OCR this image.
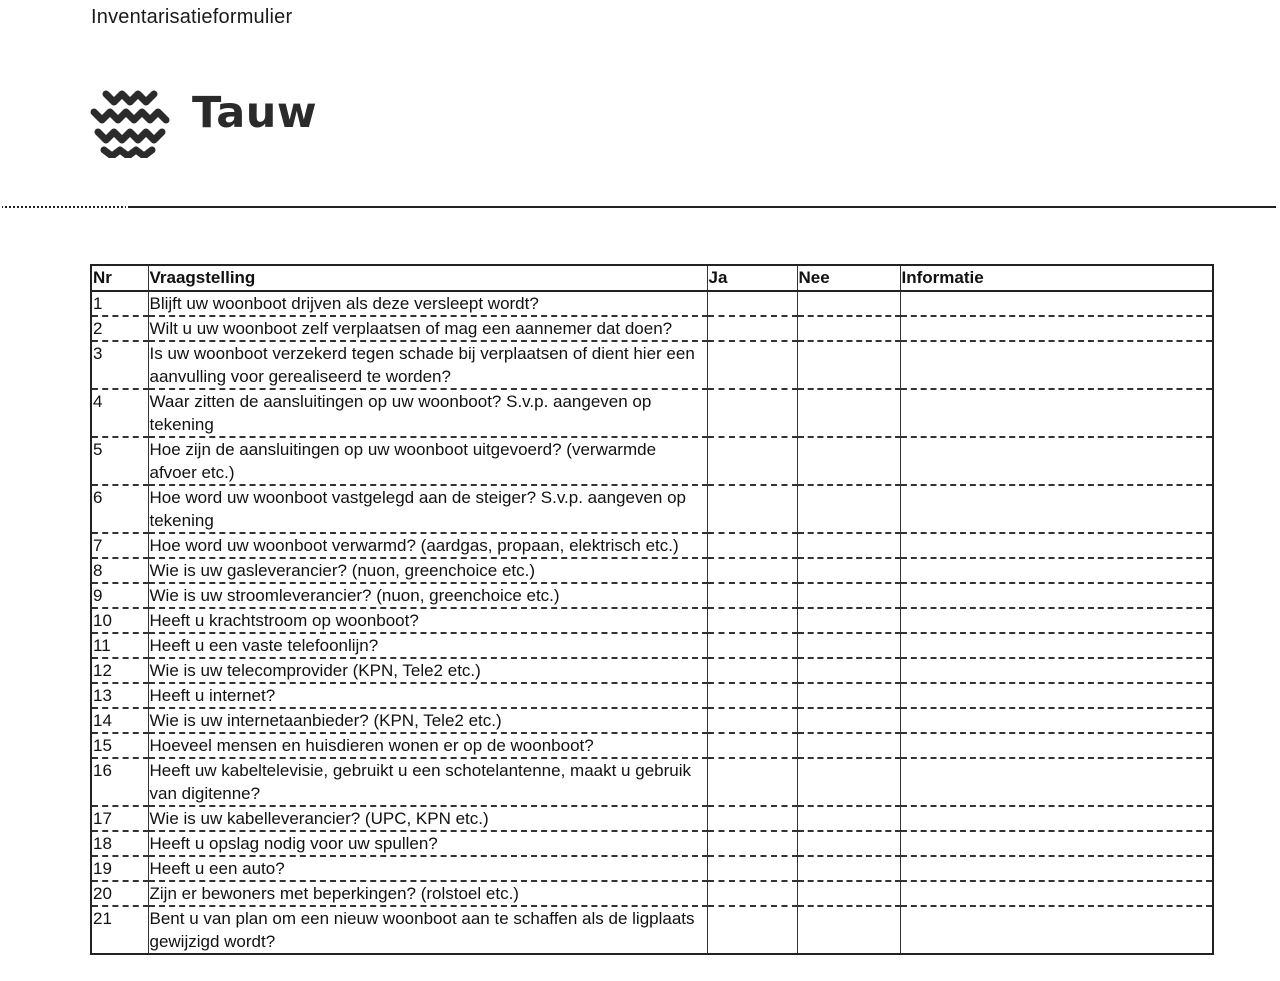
Inventarisatieformulier
Tauw
Nr	Vraagstelling	Ja	Nee	Informatie
1	Blijft uw woonboot drijven als deze versleept wordt?			
2	Wilt u uw woonboot zelf verplaatsen of mag een aannemer dat doen?			
3	Is uw woonboot verzekerd tegen schade bij verplaatsen of dient hier een aanvulling voor gerealiseerd te worden?			
4	Waar zitten de aansluitingen op uw woonboot? S.v.p. aangeven op tekening			
5	Hoe zijn de aansluitingen op uw woonboot uitgevoerd? (verwarmde afvoer etc.)			
6	Hoe word uw woonboot vastgelegd aan de steiger? S.v.p. aangeven op tekening			
7	Hoe word uw woonboot verwarmd? (aardgas, propaan, elektrisch etc.)			
8	Wie is uw gasleverancier? (nuon, greenchoice etc.)			
9	Wie is uw stroomleverancier? (nuon, greenchoice etc.)			
10	Heeft u krachtstroom op woonboot?			
11	Heeft u een vaste telefoonlijn?			
12	Wie is uw telecomprovider (KPN, Tele2 etc.)			
13	Heeft u internet?			
14	Wie is uw internetaanbieder? (KPN, Tele2 etc.)			
15	Hoeveel mensen en huisdieren wonen er op de woonboot?			
16	Heeft uw kabeltelevisie, gebruikt u een schotelantenne, maakt u gebruik van digitenne?			
17	Wie is uw kabelleverancier? (UPC, KPN etc.)			
18	Heeft u opslag nodig voor uw spullen?			
19	Heeft u een auto?			
20	Zijn er bewoners met beperkingen? (rolstoel etc.)			
21	Bent u van plan om een nieuw woonboot aan te schaffen als de ligplaats gewijzigd wordt?			
